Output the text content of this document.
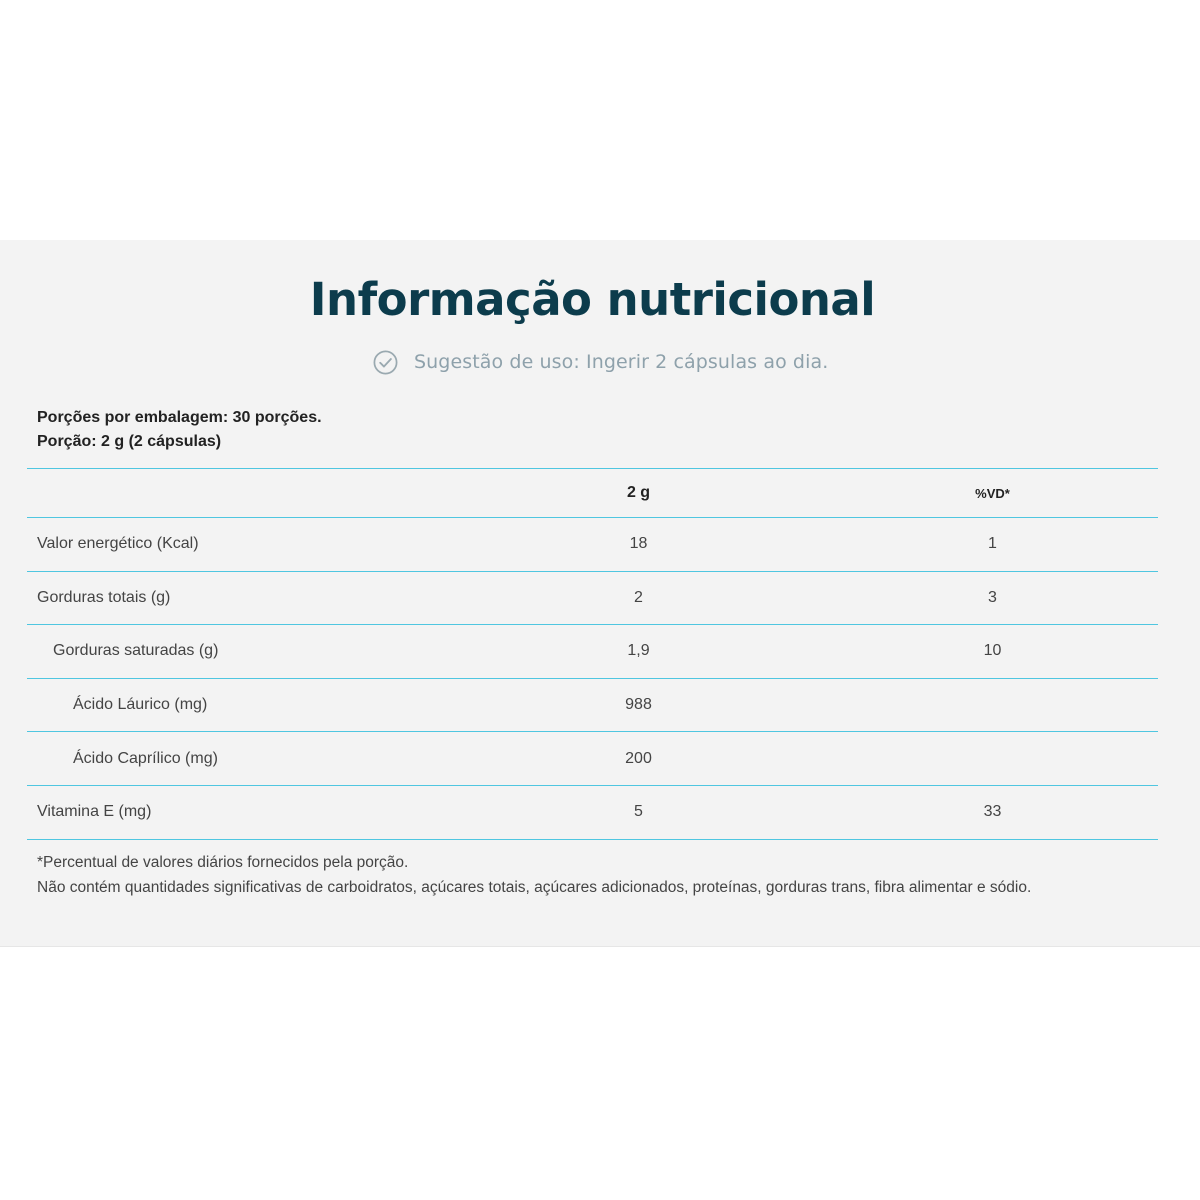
Informação nutricional
Sugestão de uso: Ingerir 2 cápsulas ao dia.
Porções por embalagem: 30 porções.
Porção: 2 g (2 cápsulas)
	2 g	%VD*
Valor energético (Kcal)	18	1
Gorduras totais (g)	2	3
Gorduras saturadas (g)	1,9	10
Ácido Láurico (mg)	988	
Ácido Caprílico (mg)	200	
Vitamina E (mg)	5	33
*Percentual de valores diários fornecidos pela porção.
Não contém quantidades significativas de carboidratos, açúcares totais, açúcares adicionados, proteínas, gorduras trans, fibra alimentar e sódio.
